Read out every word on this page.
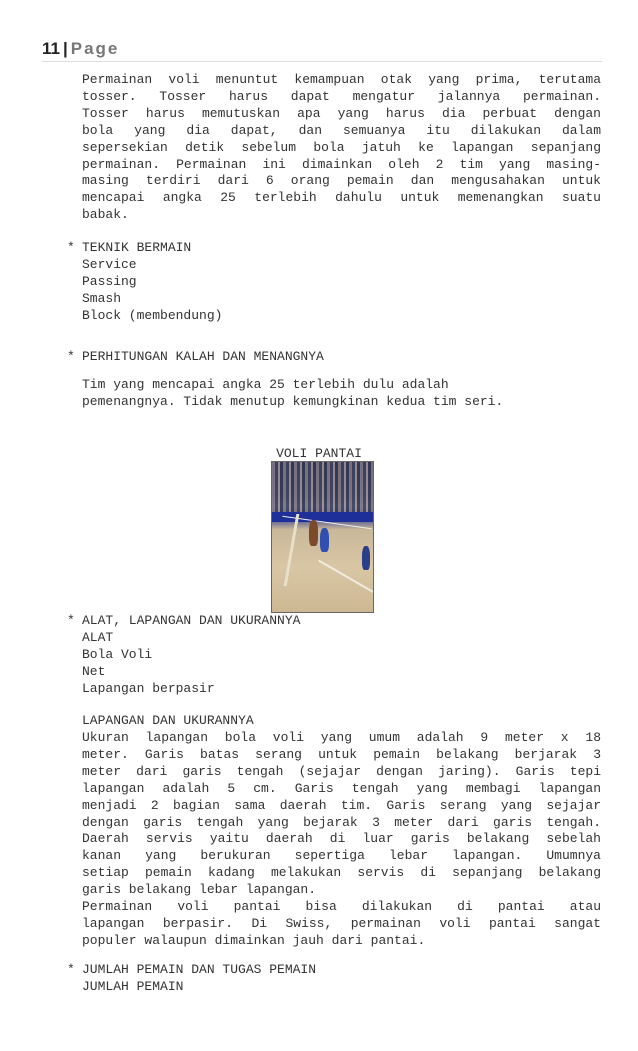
11 | Page
Permainan voli menuntut kemampuan otak yang prima, terutama
tosser. Tosser harus dapat mengatur jalannya permainan.
Tosser harus memutuskan apa yang harus dia perbuat dengan
bola yang dia dapat, dan semuanya itu dilakukan dalam
sepersekian detik sebelum bola jatuh ke lapangan sepanjang
permainan. Permainan ini dimainkan oleh 2 tim yang masing-
masing terdiri dari 6 orang pemain dan mengusahakan untuk
mencapai angka 25 terlebih dahulu untuk memenangkan suatu
babak.
* TEKNIK BERMAIN
Service
Passing
Smash
Block (membendung)
* PERHITUNGAN KALAH DAN MENANGNYA
Tim yang mencapai angka 25 terlebih dulu adalah
pemenangnya. Tidak menutup kemungkinan kedua tim seri.
VOLI PANTAI
* ALAT, LAPANGAN DAN UKURANNYA
ALAT
Bola Voli
Net
Lapangan berpasir
LAPANGAN DAN UKURANNYA
Ukuran lapangan bola voli yang umum adalah 9 meter x 18
meter. Garis batas serang untuk pemain belakang berjarak 3
meter dari garis tengah (sejajar dengan jaring). Garis tepi
lapangan adalah 5 cm. Garis tengah yang membagi lapangan
menjadi 2 bagian sama daerah tim. Garis serang yang sejajar
dengan garis tengah yang bejarak 3 meter dari garis tengah.
Daerah servis yaitu daerah di luar garis belakang sebelah
kanan yang berukuran sepertiga lebar lapangan. Umumnya
setiap pemain kadang melakukan servis di sepanjang belakang
garis belakang lebar lapangan.
Permainan voli pantai bisa dilakukan di pantai atau
lapangan berpasir. Di Swiss, permainan voli pantai sangat
populer walaupun dimainkan jauh dari pantai.
* JUMLAH PEMAIN DAN TUGAS PEMAIN
JUMLAH PEMAIN
